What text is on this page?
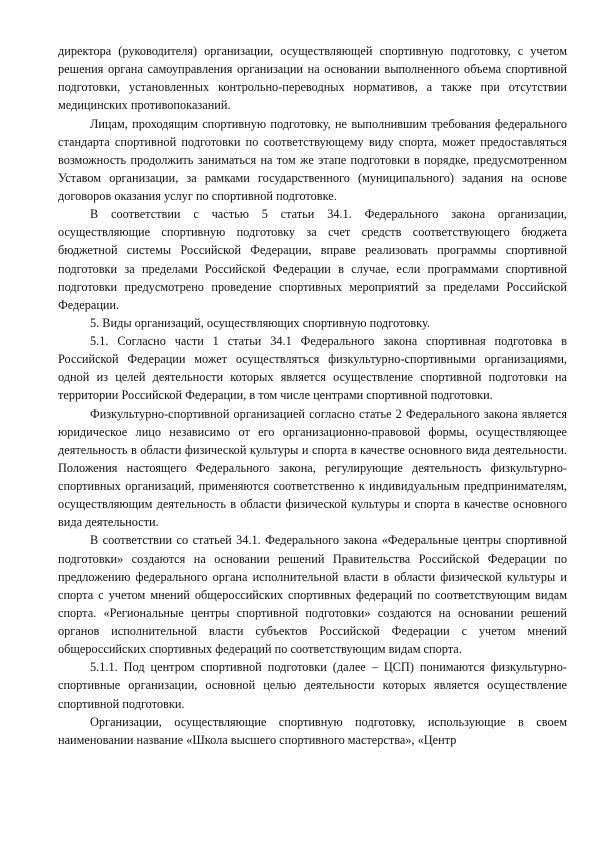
директора (руководителя) организации, осуществляющей спортивную подготовку, с учетом решения органа самоуправления организации на основании выполненного объема спортивной подготовки, установленных контрольно-переводных нормативов, а также при отсутствии медицинских противопоказаний.

Лицам, проходящим спортивную подготовку, не выполнившим требования федерального стандарта спортивной подготовки по соответствующему виду спорта, может предоставляться возможность продолжить заниматься на том же этапе подготовки в порядке, предусмотренном Уставом организации, за рамками государственного (муниципального) задания на основе договоров оказания услуг по спортивной подготовке.

В соответствии с частью 5 статьи 34.1. Федерального закона организации, осуществляющие спортивную подготовку за счет средств соответствующего бюджета бюджетной системы Российской Федерации, вправе реализовать программы спортивной подготовки за пределами Российской Федерации в случае, если программами спортивной подготовки предусмотрено проведение спортивных мероприятий за пределами Российской Федерации.

5. Виды организаций, осуществляющих спортивную подготовку.

5.1. Согласно части 1 статьи 34.1 Федерального закона спортивная подготовка в Российской Федерации может осуществляться физкультурно-спортивными организациями, одной из целей деятельности которых является осуществление спортивной подготовки на территории Российской Федерации, в том числе центрами спортивной подготовки.

Физкультурно-спортивной организацией согласно статье 2 Федерального закона является юридическое лицо независимо от его организационно-правовой формы, осуществляющее деятельность в области физической культуры и спорта в качестве основного вида деятельности. Положения настоящего Федерального закона, регулирующие деятельность физкультурно-спортивных организаций, применяются соответственно к индивидуальным предпринимателям, осуществляющим деятельность в области физической культуры и спорта в качестве основного вида деятельности.

В соответствии со статьей 34.1. Федерального закона «Федеральные центры спортивной подготовки» создаются на основании решений Правительства Российской Федерации по предложению федерального органа исполнительной власти в области физической культуры и спорта с учетом мнений общероссийских спортивных федераций по соответствующим видам спорта. «Региональные центры спортивной подготовки» создаются на основании решений органов исполнительной власти субъектов Российской Федерации с учетом мнений общероссийских спортивных федераций по соответствующим видам спорта.

5.1.1. Под центром спортивной подготовки (далее – ЦСП) понимаются физкультурно-спортивные организации, основной целью деятельности которых является осуществление спортивной подготовки.

Организации, осуществляющие спортивную подготовку, использующие в своем наименовании название «Школа высшего спортивного мастерства», «Центр
